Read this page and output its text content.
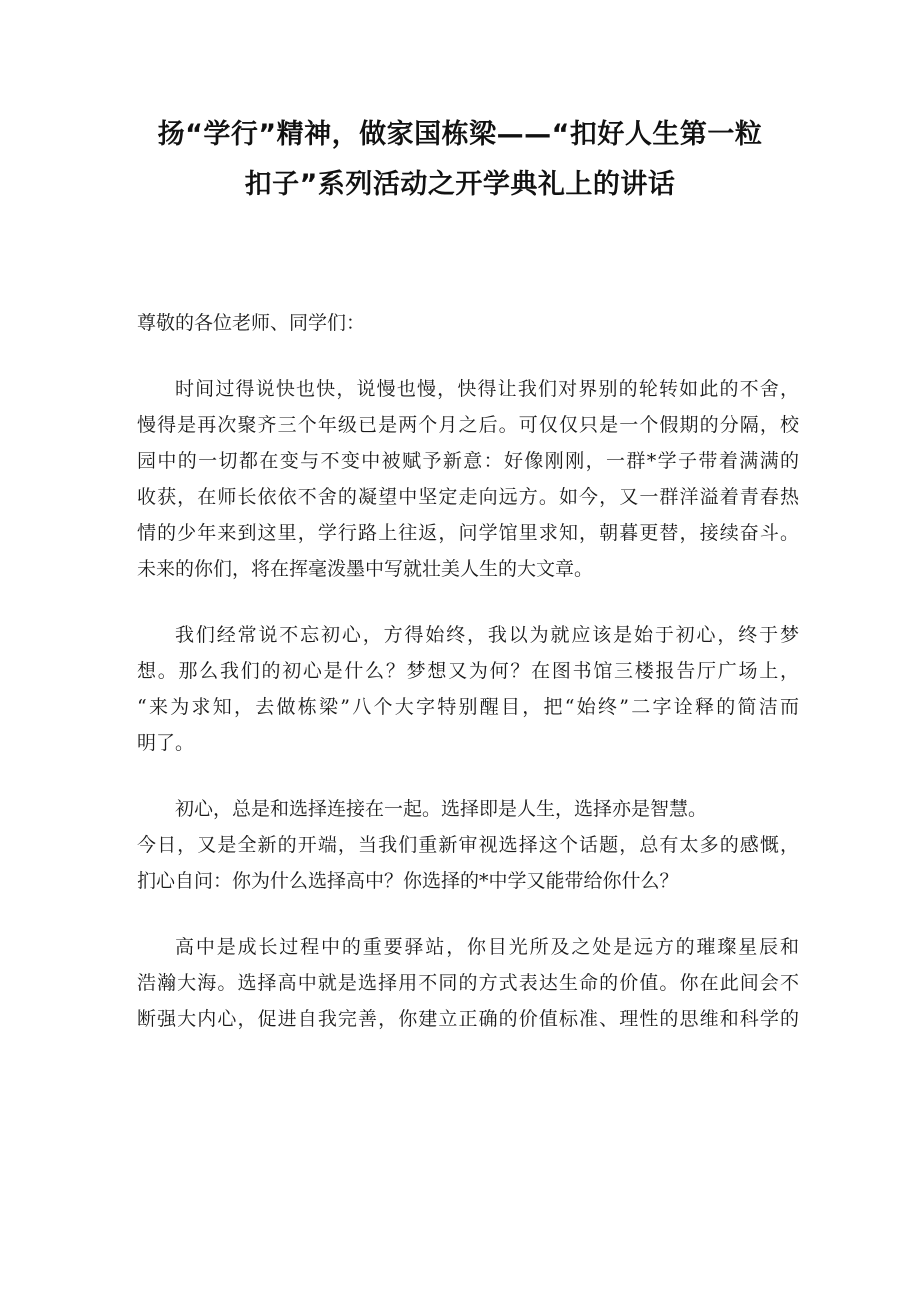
扬“学行”精神，做家国栋梁——“扣好人生第一粒
扣子”系列活动之开学典礼上的讲话
尊敬的各位老师、同学们：
时间过得说快也快，说慢也慢，快得让我们对界别的轮转如此的不舍，
慢得是再次聚齐三个年级已是两个月之后。可仅仅只是一个假期的分隔，校
园中的一切都在变与不变中被赋予新意：好像刚刚，一群*学子带着满满的
收获，在师长依依不舍的凝望中坚定走向远方。如今，又一群洋溢着青春热
情的少年来到这里，学行路上往返，问学馆里求知，朝暮更替，接续奋斗。
未来的你们，将在挥毫泼墨中写就壮美人生的大文章。
我们经常说不忘初心，方得始终，我以为就应该是始于初心，终于梦
想。那么我们的初心是什么？梦想又为何？在图书馆三楼报告厅广场上，
“来为求知，去做栋梁”八个大字特别醒目，把“始终”二字诠释的简洁而
明了。
初心，总是和选择连接在一起。选择即是人生，选择亦是智慧。
今日，又是全新的开端，当我们重新审视选择这个话题，总有太多的感慨，
扪心自问：你为什么选择高中？你选择的*中学又能带给你什么？
高中是成长过程中的重要驿站，你目光所及之处是远方的璀璨星辰和
浩瀚大海。选择高中就是选择用不同的方式表达生命的价值。你在此间会不
断强大内心，促进自我完善，你建立正确的价值标准、理性的思维和科学的
